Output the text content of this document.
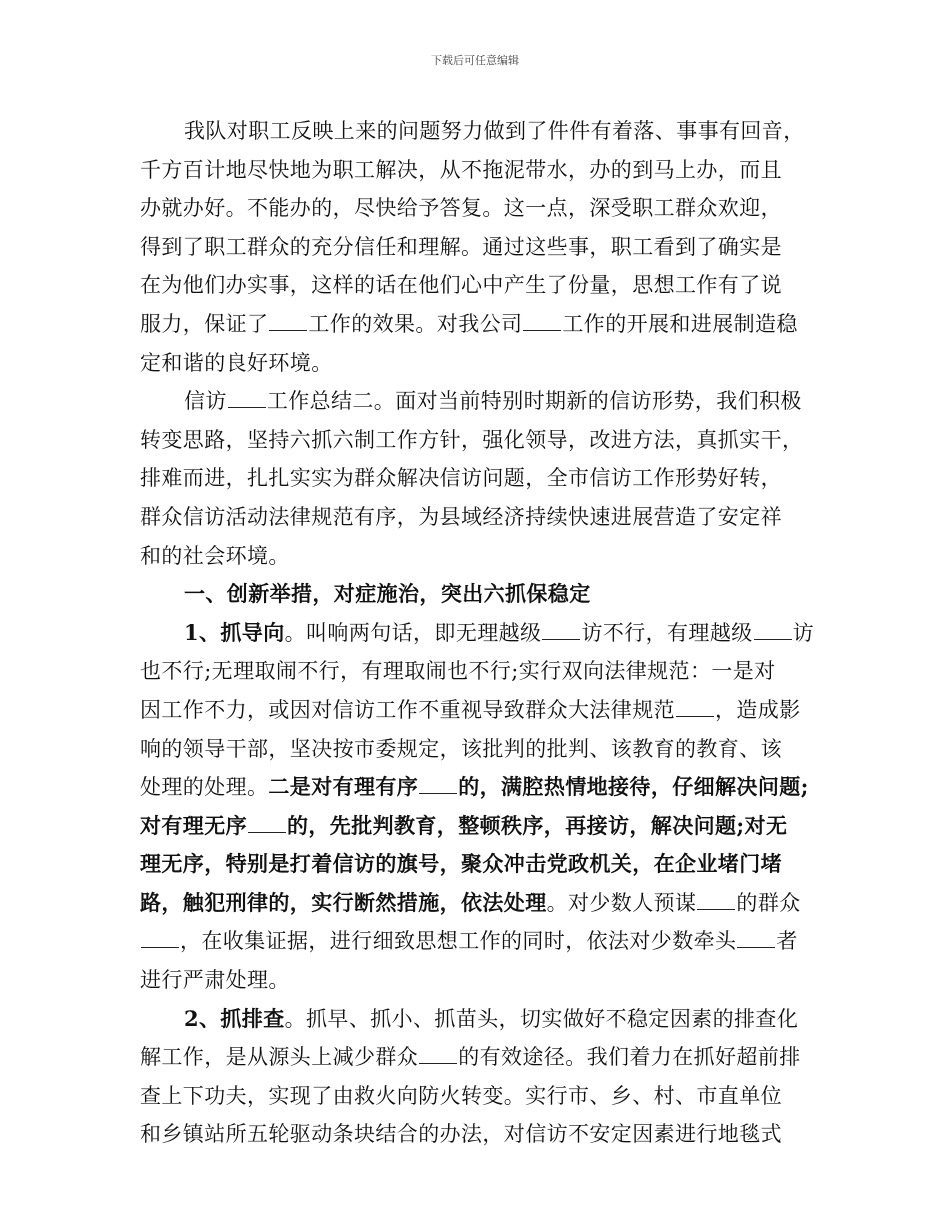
下载后可任意编辑
我队对职工反映上来的问题努力做到了件件有着落、事事有回音，
千方百计地尽快地为职工解决，从不拖泥带水，办的到马上办，而且
办就办好。不能办的，尽快给予答复。这一点，深受职工群众欢迎，
得到了职工群众的充分信任和理解。通过这些事，职工看到了确实是
在为他们办实事，这样的话在他们心中产生了份量，思想工作有了说
服力，保证了 工作的效果。对我公司 工作的开展和进展制造稳
定和谐的良好环境。
信访 工作总结二。面对当前特别时期新的信访形势，我们积极
转变思路，坚持六抓六制工作方针，强化领导，改进方法，真抓实干，
排难而进，扎扎实实为群众解决信访问题，全市信访工作形势好转，
群众信访活动法律规范有序，为县域经济持续快速进展营造了安定祥
和的社会环境。
一、创新举措，对症施治，突出六抓保稳定
1、抓导向。叫响两句话，即无理越级 访不行，有理越级 访
也不行;无理取闹不行，有理取闹也不行;实行双向法律规范：一是对
因工作不力，或因对信访工作不重视导致群众大法律规范 ，造成影
响的领导干部，坚决按市委规定，该批判的批判、该教育的教育、该
处理的处理。二是对有理有序 的，满腔热情地接待，仔细解决问题;
对有理无序 的，先批判教育，整顿秩序，再接访，解决问题;对无
理无序，特别是打着信访的旗号，聚众冲击党政机关，在企业堵门堵
路，触犯刑律的，实行断然措施，依法处理。对少数人预谋 的群众
，在收集证据，进行细致思想工作的同时，依法对少数牵头 者
进行严肃处理。
2、抓排查。抓早、抓小、抓苗头，切实做好不稳定因素的排查化
解工作，是从源头上减少群众 的有效途径。我们着力在抓好超前排
查上下功夫，实现了由救火向防火转变。实行市、乡、村、市直单位
和乡镇站所五轮驱动条块结合的办法，对信访不安定因素进行地毯式
